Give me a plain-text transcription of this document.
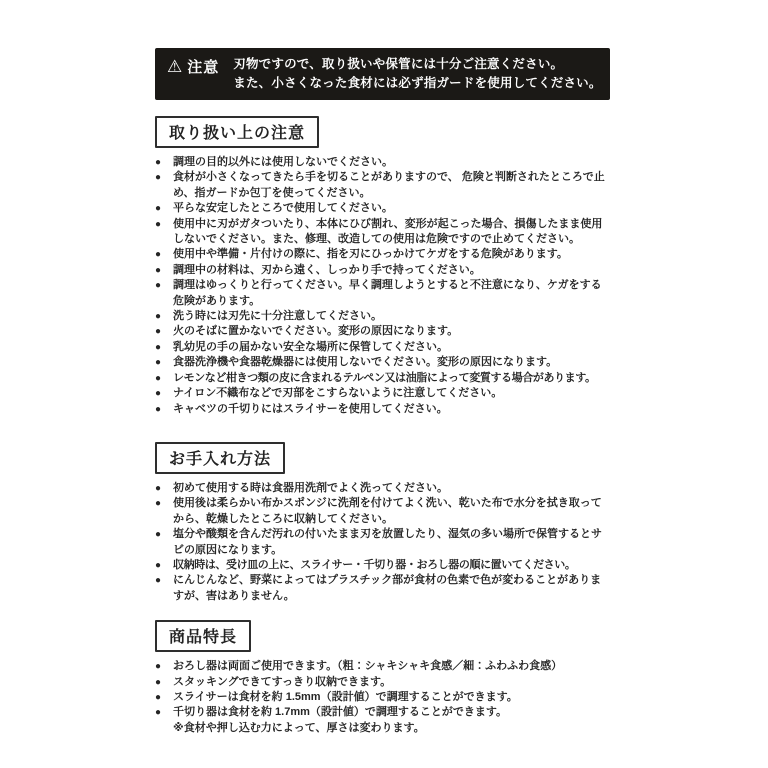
⚠ 注意 刃物ですので、取り扱いや保管には十分ご注意ください。
また、小さくなった食材には必ず指ガードを使用してください。
取り扱い上の注意
● 調理の目的以外には使用しないでください。
● 食材が小さくなってきたら手を切ることがありますので、 危険と判断されたところで止め、指ガードか包丁を使ってください。
● 平らな安定したところで使用してください。
● 使用中に刃がガタついたり、本体にひび割れ、変形が起こった場合、損傷したまま使用しないでください。また、修理、改造しての使用は危険ですので止めてください。
● 使用中や準備・片付けの際に、指を刃にひっかけてケガをする危険があります。
● 調理中の材料は、刃から遠く、しっかり手で持ってください。
● 調理はゆっくりと行ってください。早く調理しようとすると不注意になり、ケガをする危険があります。
● 洗う時には刃先に十分注意してください。
● 火のそばに置かないでください。変形の原因になります。
● 乳幼児の手の届かない安全な場所に保管してください。
● 食器洗浄機や食器乾燥器には使用しないでください。変形の原因になります。
● レモンなど柑きつ類の皮に含まれるテルペン又は油脂によって変質する場合があります。
● ナイロン不織布などで刃部をこすらないように注意してください。
● キャベツの千切りにはスライサーを使用してください。
お手入れ方法
● 初めて使用する時は食器用洗剤でよく洗ってください。
● 使用後は柔らかい布かスポンジに洗剤を付けてよく洗い、乾いた布で水分を拭き取ってから、乾燥したところに収納してください。
● 塩分や酸類を含んだ汚れの付いたまま刃を放置したり、湿気の多い場所で保管するとサビの原因になります。
● 収納時は、受け皿の上に、スライサー・千切り器・おろし器の順に置いてください。
● にんじんなど、野菜によってはプラスチック部が食材の色素で色が変わることがありますが、害はありません。
商品特長
● おろし器は両面ご使用できます。（粗：シャキシャキ食感／細：ふわふわ食感）
● スタッキングできてすっきり収納できます。
● スライサーは食材を約 1.5mm（設計値）で調理することができます。
● 千切り器は食材を約 1.7mm（設計値）で調理することができます。
※食材や押し込む力によって、厚さは変わります。
